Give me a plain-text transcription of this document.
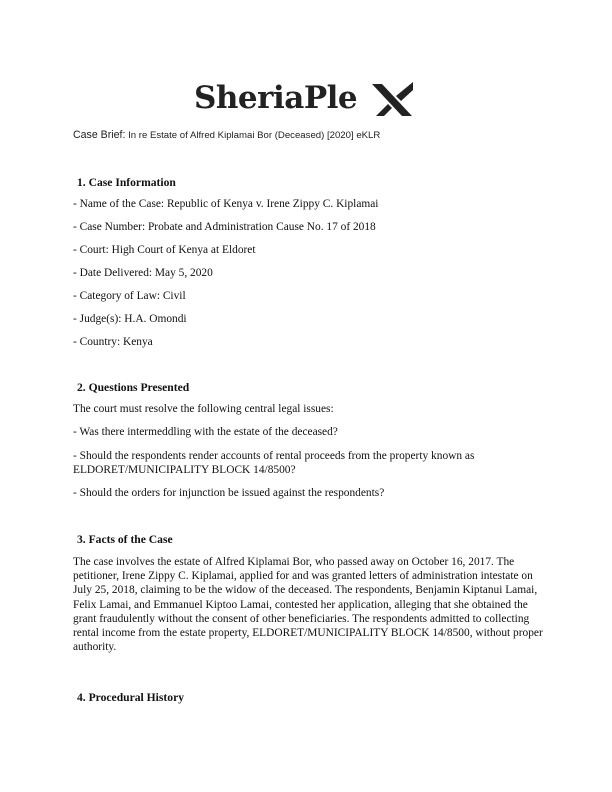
SheriaPle
Case Brief: In re Estate of Alfred Kiplamai Bor (Deceased) [2020] eKLR
1. Case Information
- Name of the Case: Republic of Kenya v. Irene Zippy C. Kiplamai
- Case Number: Probate and Administration Cause No. 17 of 2018
- Court: High Court of Kenya at Eldoret
- Date Delivered: May 5, 2020
- Category of Law: Civil
- Judge(s): H.A. Omondi
- Country: Kenya
2. Questions Presented
The court must resolve the following central legal issues:
- Was there intermeddling with the estate of the deceased?
- Should the respondents render accounts of rental proceeds from the property known as ELDORET/MUNICIPALITY BLOCK 14/8500?
- Should the orders for injunction be issued against the respondents?
3. Facts of the Case
The case involves the estate of Alfred Kiplamai Bor, who passed away on October 16, 2017. The petitioner, Irene Zippy C. Kiplamai, applied for and was granted letters of administration intestate on July 25, 2018, claiming to be the widow of the deceased. The respondents, Benjamin Kiptanui Lamai, Felix Lamai, and Emmanuel Kiptoo Lamai, contested her application, alleging that she obtained the grant fraudulently without the consent of other beneficiaries. The respondents admitted to collecting rental income from the estate property, ELDORET/MUNICIPALITY BLOCK 14/8500, without proper authority.
4. Procedural History
